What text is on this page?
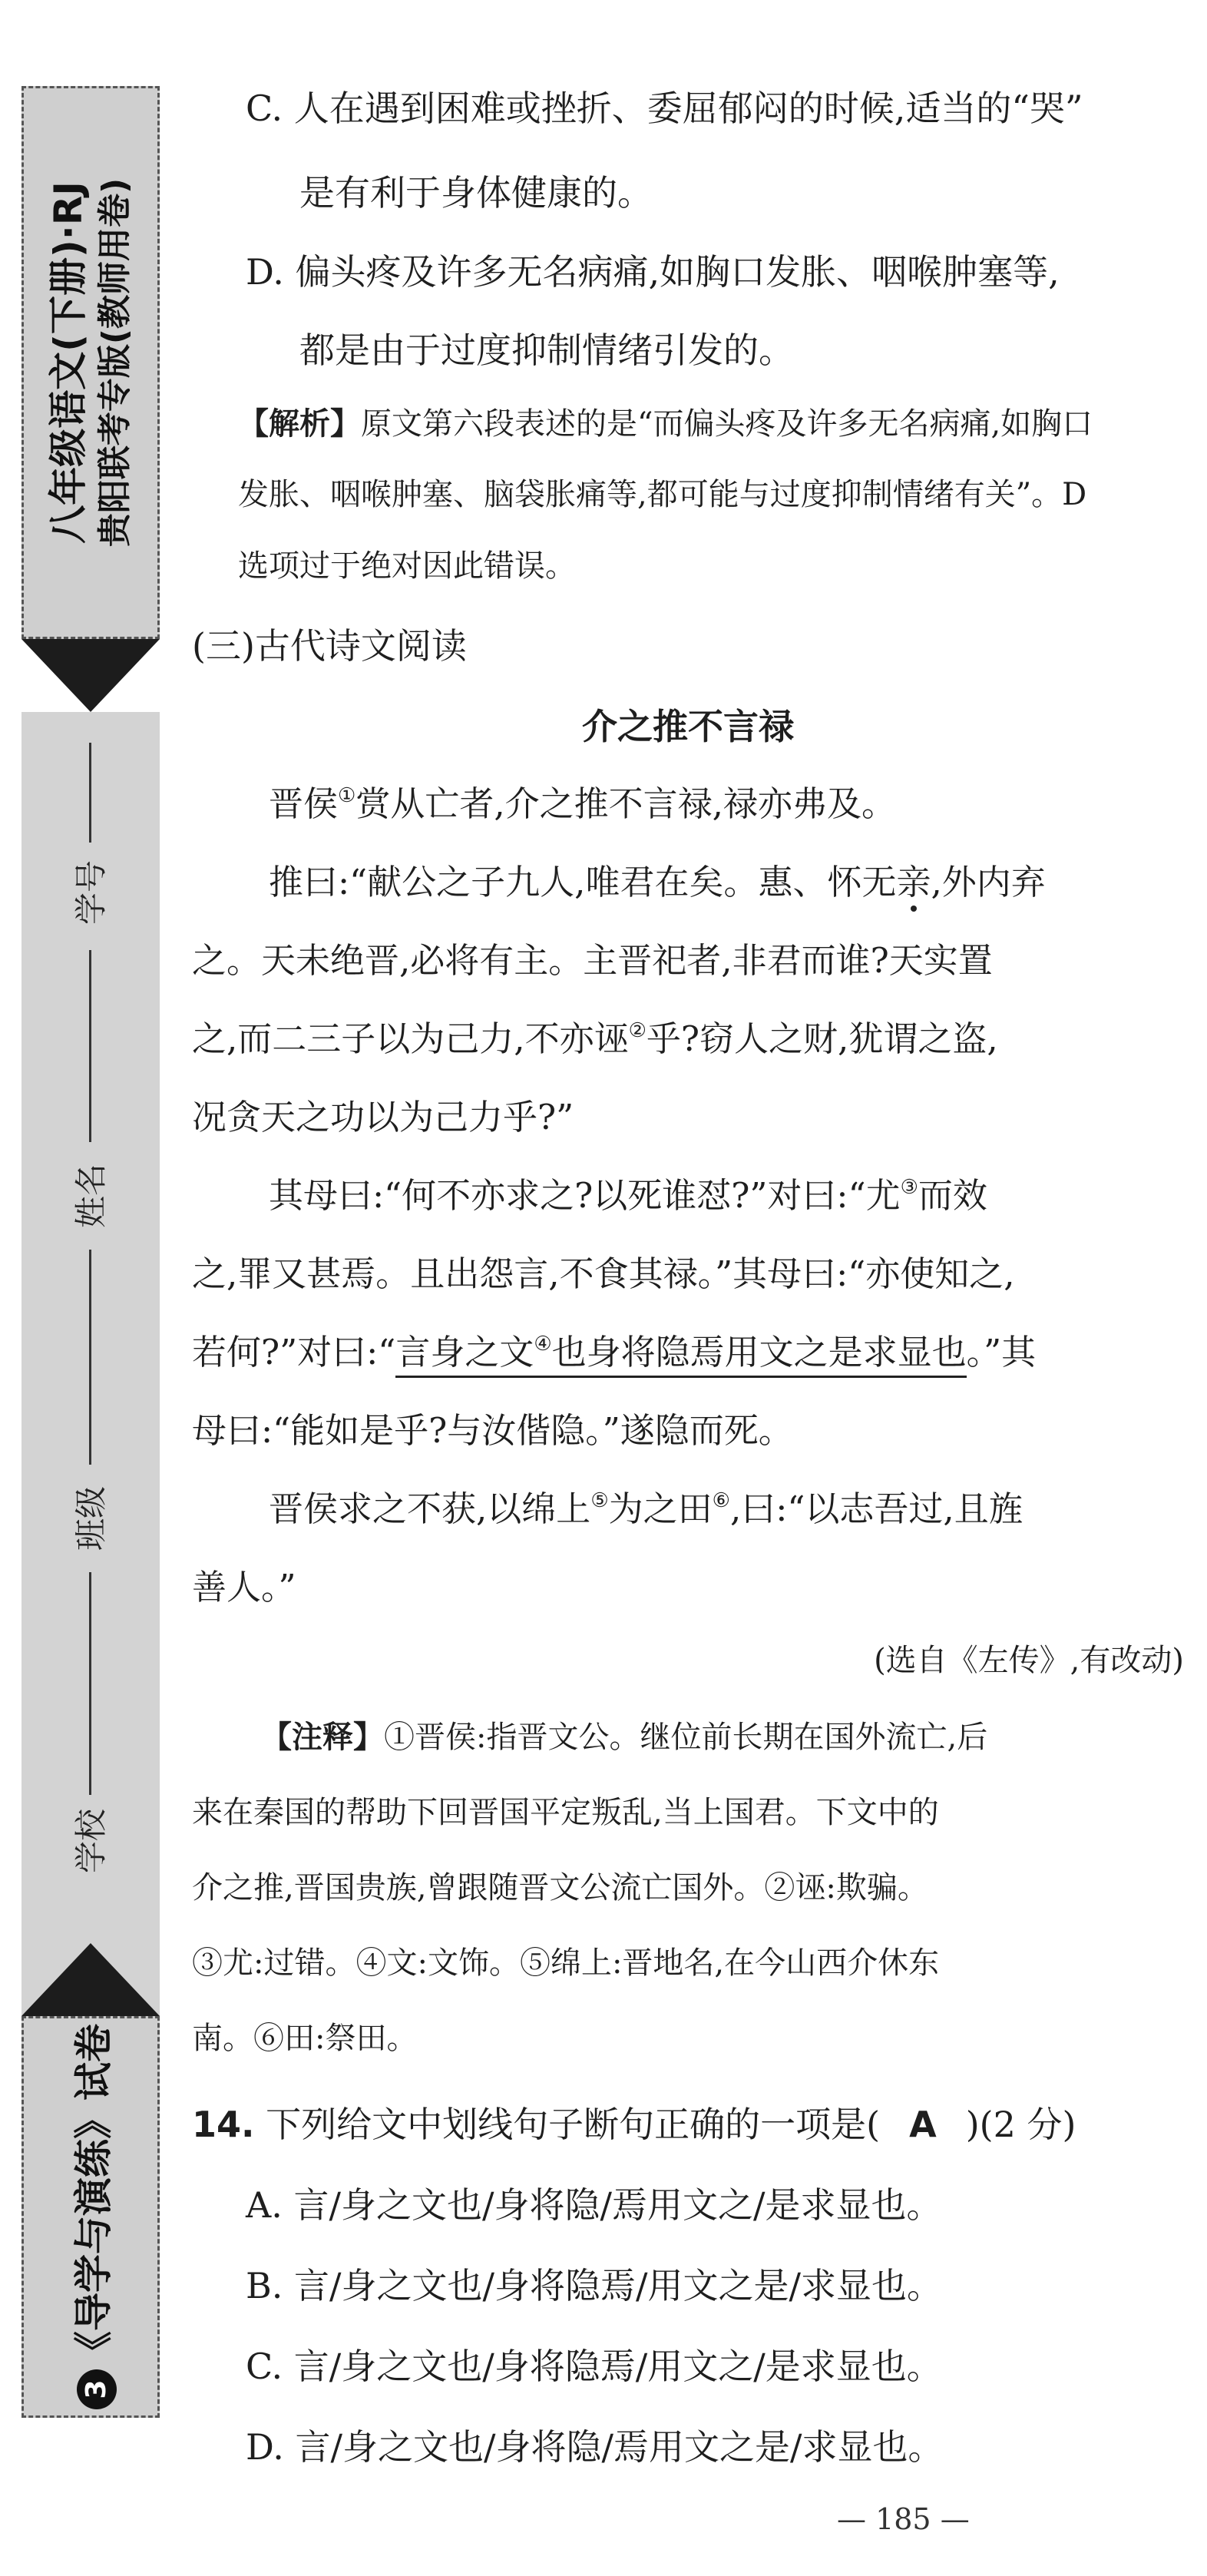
八年级语文(下册)·RJ 贵阳联考专版(教师用卷)
学号
姓名
班级
学校
3《导学与演练》试卷
C. 人在遇到困难或挫折、委屈郁闷的时候,适当的“哭”
是有利于身体健康的。
D. 偏头疼及许多无名病痛,如胸口发胀、咽喉肿塞等,
都是由于过度抑制情绪引发的。
【解析】原文第六段表述的是“而偏头疼及许多无名病痛,如胸口
发胀、咽喉肿塞、脑袋胀痛等,都可能与过度抑制情绪有关”。D
选项过于绝对因此错误。
(三)古代诗文阅读
介之推不言禄
晋侯①赏从亡者,介之推不言禄,禄亦弗及。
推曰:“献公之子九人,唯君在矣。惠、怀无亲,外内弃
之。天未绝晋,必将有主。主晋祀者,非君而谁?天实置
之,而二三子以为己力,不亦诬②乎?窃人之财,犹谓之盗,
况贪天之功以为己力乎?”
其母曰:“何不亦求之?以死谁怼?”对曰:“尤③而效
之,罪又甚焉。且出怨言,不食其禄。”其母曰:“亦使知之,
若何?”对曰:“言身之文④也身将隐焉用文之是求显也。”其
母曰:“能如是乎?与汝偕隐。”遂隐而死。
晋侯求之不获,以绵上⑤为之田⑥,曰:“以志吾过,且旌
善人。”
(选自《左传》,有改动)
【注释】①晋侯:指晋文公。继位前长期在国外流亡,后
来在秦国的帮助下回晋国平定叛乱,当上国君。下文中的
介之推,晋国贵族,曾跟随晋文公流亡国外。②诬:欺骗。
③尤:过错。④文:文饰。⑤绵上:晋地名,在今山西介休东
南。⑥田:祭田。
14. 下列给文中划线句子断句正确的一项是( A )(2 分)
A. 言/身之文也/身将隐/焉用文之/是求显也。
B. 言/身之文也/身将隐焉/用文之是/求显也。
C. 言/身之文也/身将隐焉/用文之/是求显也。
D. 言/身之文也/身将隐/焉用文之是/求显也。
— 185 —
